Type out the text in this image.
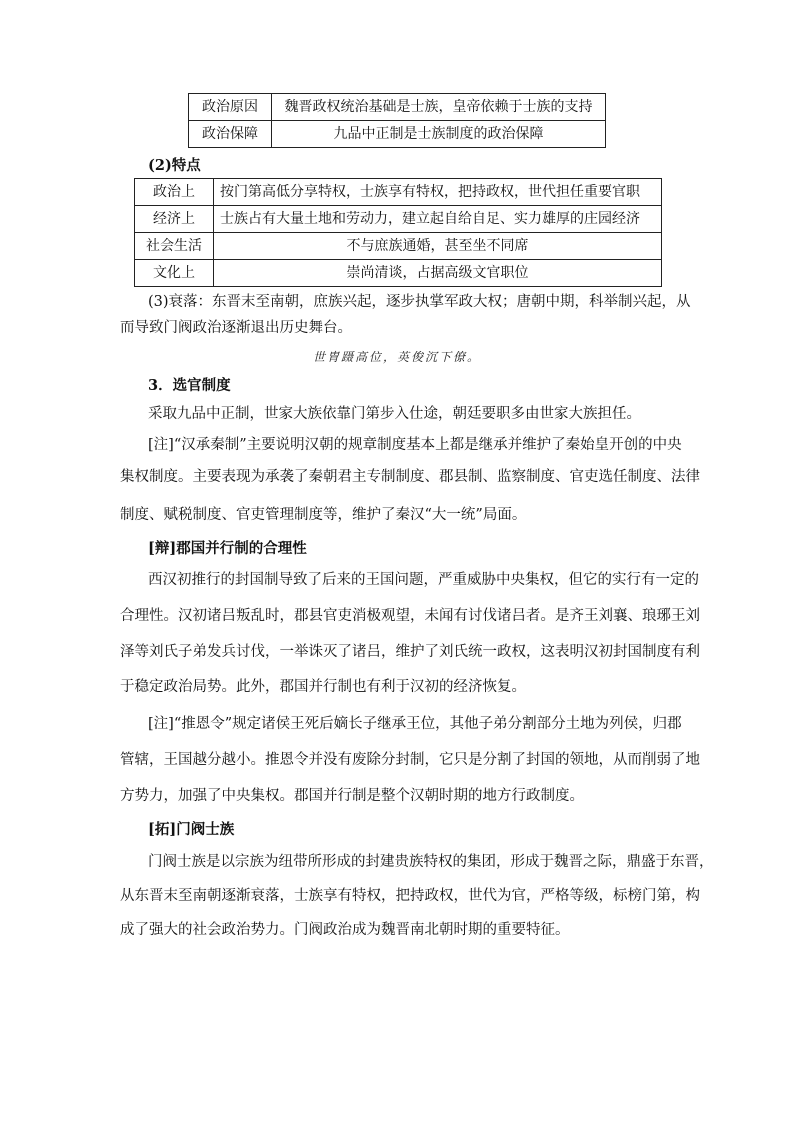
政治原因	魏晋政权统治基础是士族，皇帝依赖于士族的支持
政治保障	九品中正制是士族制度的政治保障
(2)特点
政治上	按门第高低分享特权，士族享有特权，把持政权，世代担任重要官职
经济上	士族占有大量土地和劳动力，建立起自给自足、实力雄厚的庄园经济
社会生活	不与庶族通婚，甚至坐不同席
文化上	崇尚清谈，占据高级文官职位
(3)衰落：东晋末至南朝，庶族兴起，逐步执掌军政大权；唐朝中期，科举制兴起，从
而导致门阀政治逐渐退出历史舞台。
世胄蹑高位，英俊沉下僚。
3．选官制度
采取九品中正制，世家大族依靠门第步入仕途，朝廷要职多由世家大族担任。
[注]“汉承秦制”主要说明汉朝的规章制度基本上都是继承并维护了秦始皇开创的中央
集权制度。主要表现为承袭了秦朝君主专制制度、郡县制、监察制度、官吏选任制度、法律
制度、赋税制度、官吏管理制度等，维护了秦汉“大一统”局面。
[辩]郡国并行制的合理性
西汉初推行的封国制导致了后来的王国问题，严重威胁中央集权，但它的实行有一定的
合理性。汉初诸吕叛乱时，郡县官吏消极观望，未闻有讨伐诸吕者。是齐王刘襄、琅琊王刘
泽等刘氏子弟发兵讨伐，一举诛灭了诸吕，维护了刘氏统一政权，这表明汉初封国制度有利
于稳定政治局势。此外，郡国并行制也有利于汉初的经济恢复。
[注]“推恩令”规定诸侯王死后嫡长子继承王位，其他子弟分割部分土地为列侯，归郡
管辖，王国越分越小。推恩令并没有废除分封制，它只是分割了封国的领地，从而削弱了地
方势力，加强了中央集权。郡国并行制是整个汉朝时期的地方行政制度。
[拓]门阀士族
门阀士族是以宗族为纽带所形成的封建贵族特权的集团，形成于魏晋之际，鼎盛于东晋，
从东晋末至南朝逐渐衰落，士族享有特权，把持政权，世代为官，严格等级，标榜门第，构
成了强大的社会政治势力。门阀政治成为魏晋南北朝时期的重要特征。
